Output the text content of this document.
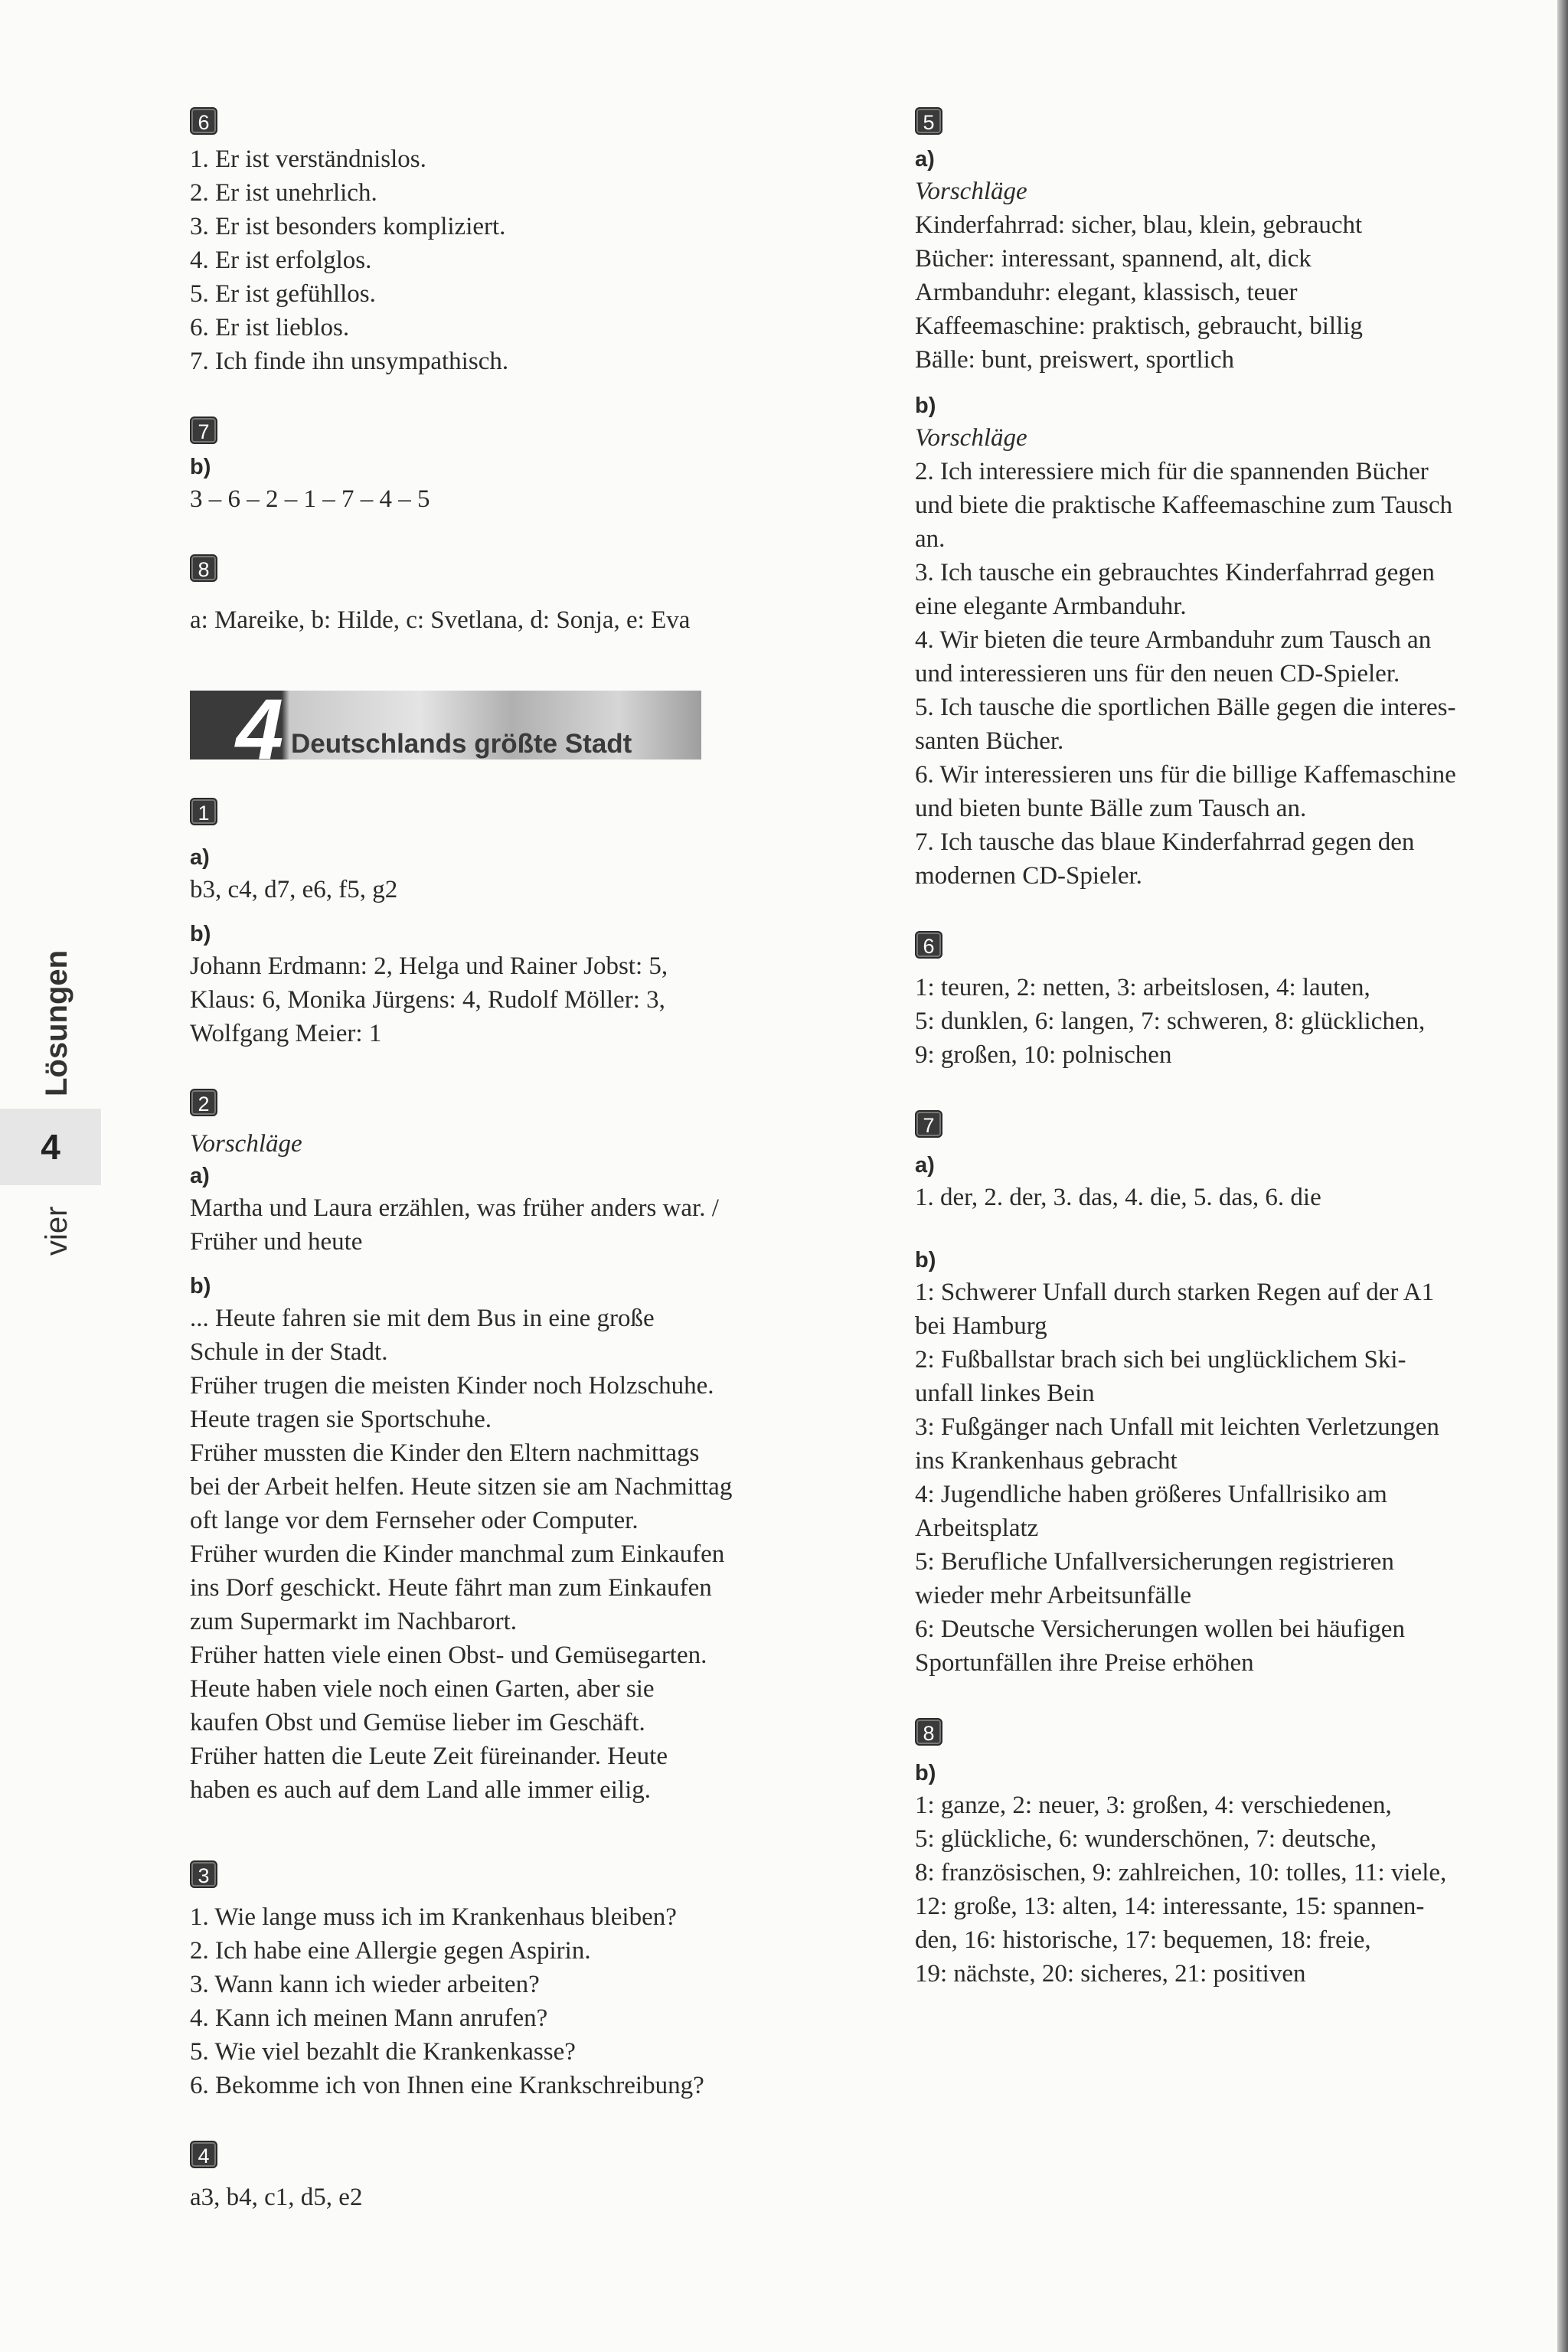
4
Lösungen
vier
6
1. Er ist verständnislos.
2. Er ist unehrlich.
3. Er ist besonders kompliziert.
4. Er ist erfolglos.
5. Er ist gefühllos.
6. Er ist lieblos.
7. Ich finde ihn unsympathisch.
7
b)
3 – 6 – 2 – 1 – 7 – 4 – 5
8
a: Mareike, b: Hilde, c: Svetlana, d: Sonja, e: Eva
4 Deutschlands größte Stadt
1
a)
b3, c4, d7, e6, f5, g2
b)
Johann Erdmann: 2, Helga und Rainer Jobst: 5,
Klaus: 6, Monika Jürgens: 4, Rudolf Möller: 3,
Wolfgang Meier: 1
2
Vorschläge
a)
Martha und Laura erzählen, was früher anders war. /
Früher und heute
b)
... Heute fahren sie mit dem Bus in eine große
Schule in der Stadt.
Früher trugen die meisten Kinder noch Holzschuhe.
Heute tragen sie Sportschuhe.
Früher mussten die Kinder den Eltern nachmittags
bei der Arbeit helfen. Heute sitzen sie am Nachmittag
oft lange vor dem Fernseher oder Computer.
Früher wurden die Kinder manchmal zum Einkaufen
ins Dorf geschickt. Heute fährt man zum Einkaufen
zum Supermarkt im Nachbarort.
Früher hatten viele einen Obst- und Gemüsegarten.
Heute haben viele noch einen Garten, aber sie
kaufen Obst und Gemüse lieber im Geschäft.
Früher hatten die Leute Zeit füreinander. Heute
haben es auch auf dem Land alle immer eilig.
3
1. Wie lange muss ich im Krankenhaus bleiben?
2. Ich habe eine Allergie gegen Aspirin.
3. Wann kann ich wieder arbeiten?
4. Kann ich meinen Mann anrufen?
5. Wie viel bezahlt die Krankenkasse?
6. Bekomme ich von Ihnen eine Krankschreibung?
4
a3, b4, c1, d5, e2
5
a)
Vorschläge
Kinderfahrrad: sicher, blau, klein, gebraucht
Bücher: interessant, spannend, alt, dick
Armbanduhr: elegant, klassisch, teuer
Kaffeemaschine: praktisch, gebraucht, billig
Bälle: bunt, preiswert, sportlich
b)
Vorschläge
2. Ich interessiere mich für die spannenden Bücher
und biete die praktische Kaffeemaschine zum Tausch
an.
3. Ich tausche ein gebrauchtes Kinderfahrrad gegen
eine elegante Armbanduhr.
4. Wir bieten die teure Armbanduhr zum Tausch an
und interessieren uns für den neuen CD-Spieler.
5. Ich tausche die sportlichen Bälle gegen die interes-
santen Bücher.
6. Wir interessieren uns für die billige Kaffemaschine
und bieten bunte Bälle zum Tausch an.
7. Ich tausche das blaue Kinderfahrrad gegen den
modernen CD-Spieler.
6
1: teuren, 2: netten, 3: arbeitslosen, 4: lauten,
5: dunklen, 6: langen, 7: schweren, 8: glücklichen,
9: großen, 10: polnischen
7
a)
1. der, 2. der, 3. das, 4. die, 5. das, 6. die
b)
1: Schwerer Unfall durch starken Regen auf der A1
bei Hamburg
2: Fußballstar brach sich bei unglücklichem Ski-
unfall linkes Bein
3: Fußgänger nach Unfall mit leichten Verletzungen
ins Krankenhaus gebracht
4: Jugendliche haben größeres Unfallrisiko am
Arbeitsplatz
5: Berufliche Unfallversicherungen registrieren
wieder mehr Arbeitsunfälle
6: Deutsche Versicherungen wollen bei häufigen
Sportunfällen ihre Preise erhöhen
8
b)
1: ganze, 2: neuer, 3: großen, 4: verschiedenen,
5: glückliche, 6: wunderschönen, 7: deutsche,
8: französischen, 9: zahlreichen, 10: tolles, 11: viele,
12: große, 13: alten, 14: interessante, 15: spannen-
den, 16: historische, 17: bequemen, 18: freie,
19: nächste, 20: sicheres, 21: positiven
